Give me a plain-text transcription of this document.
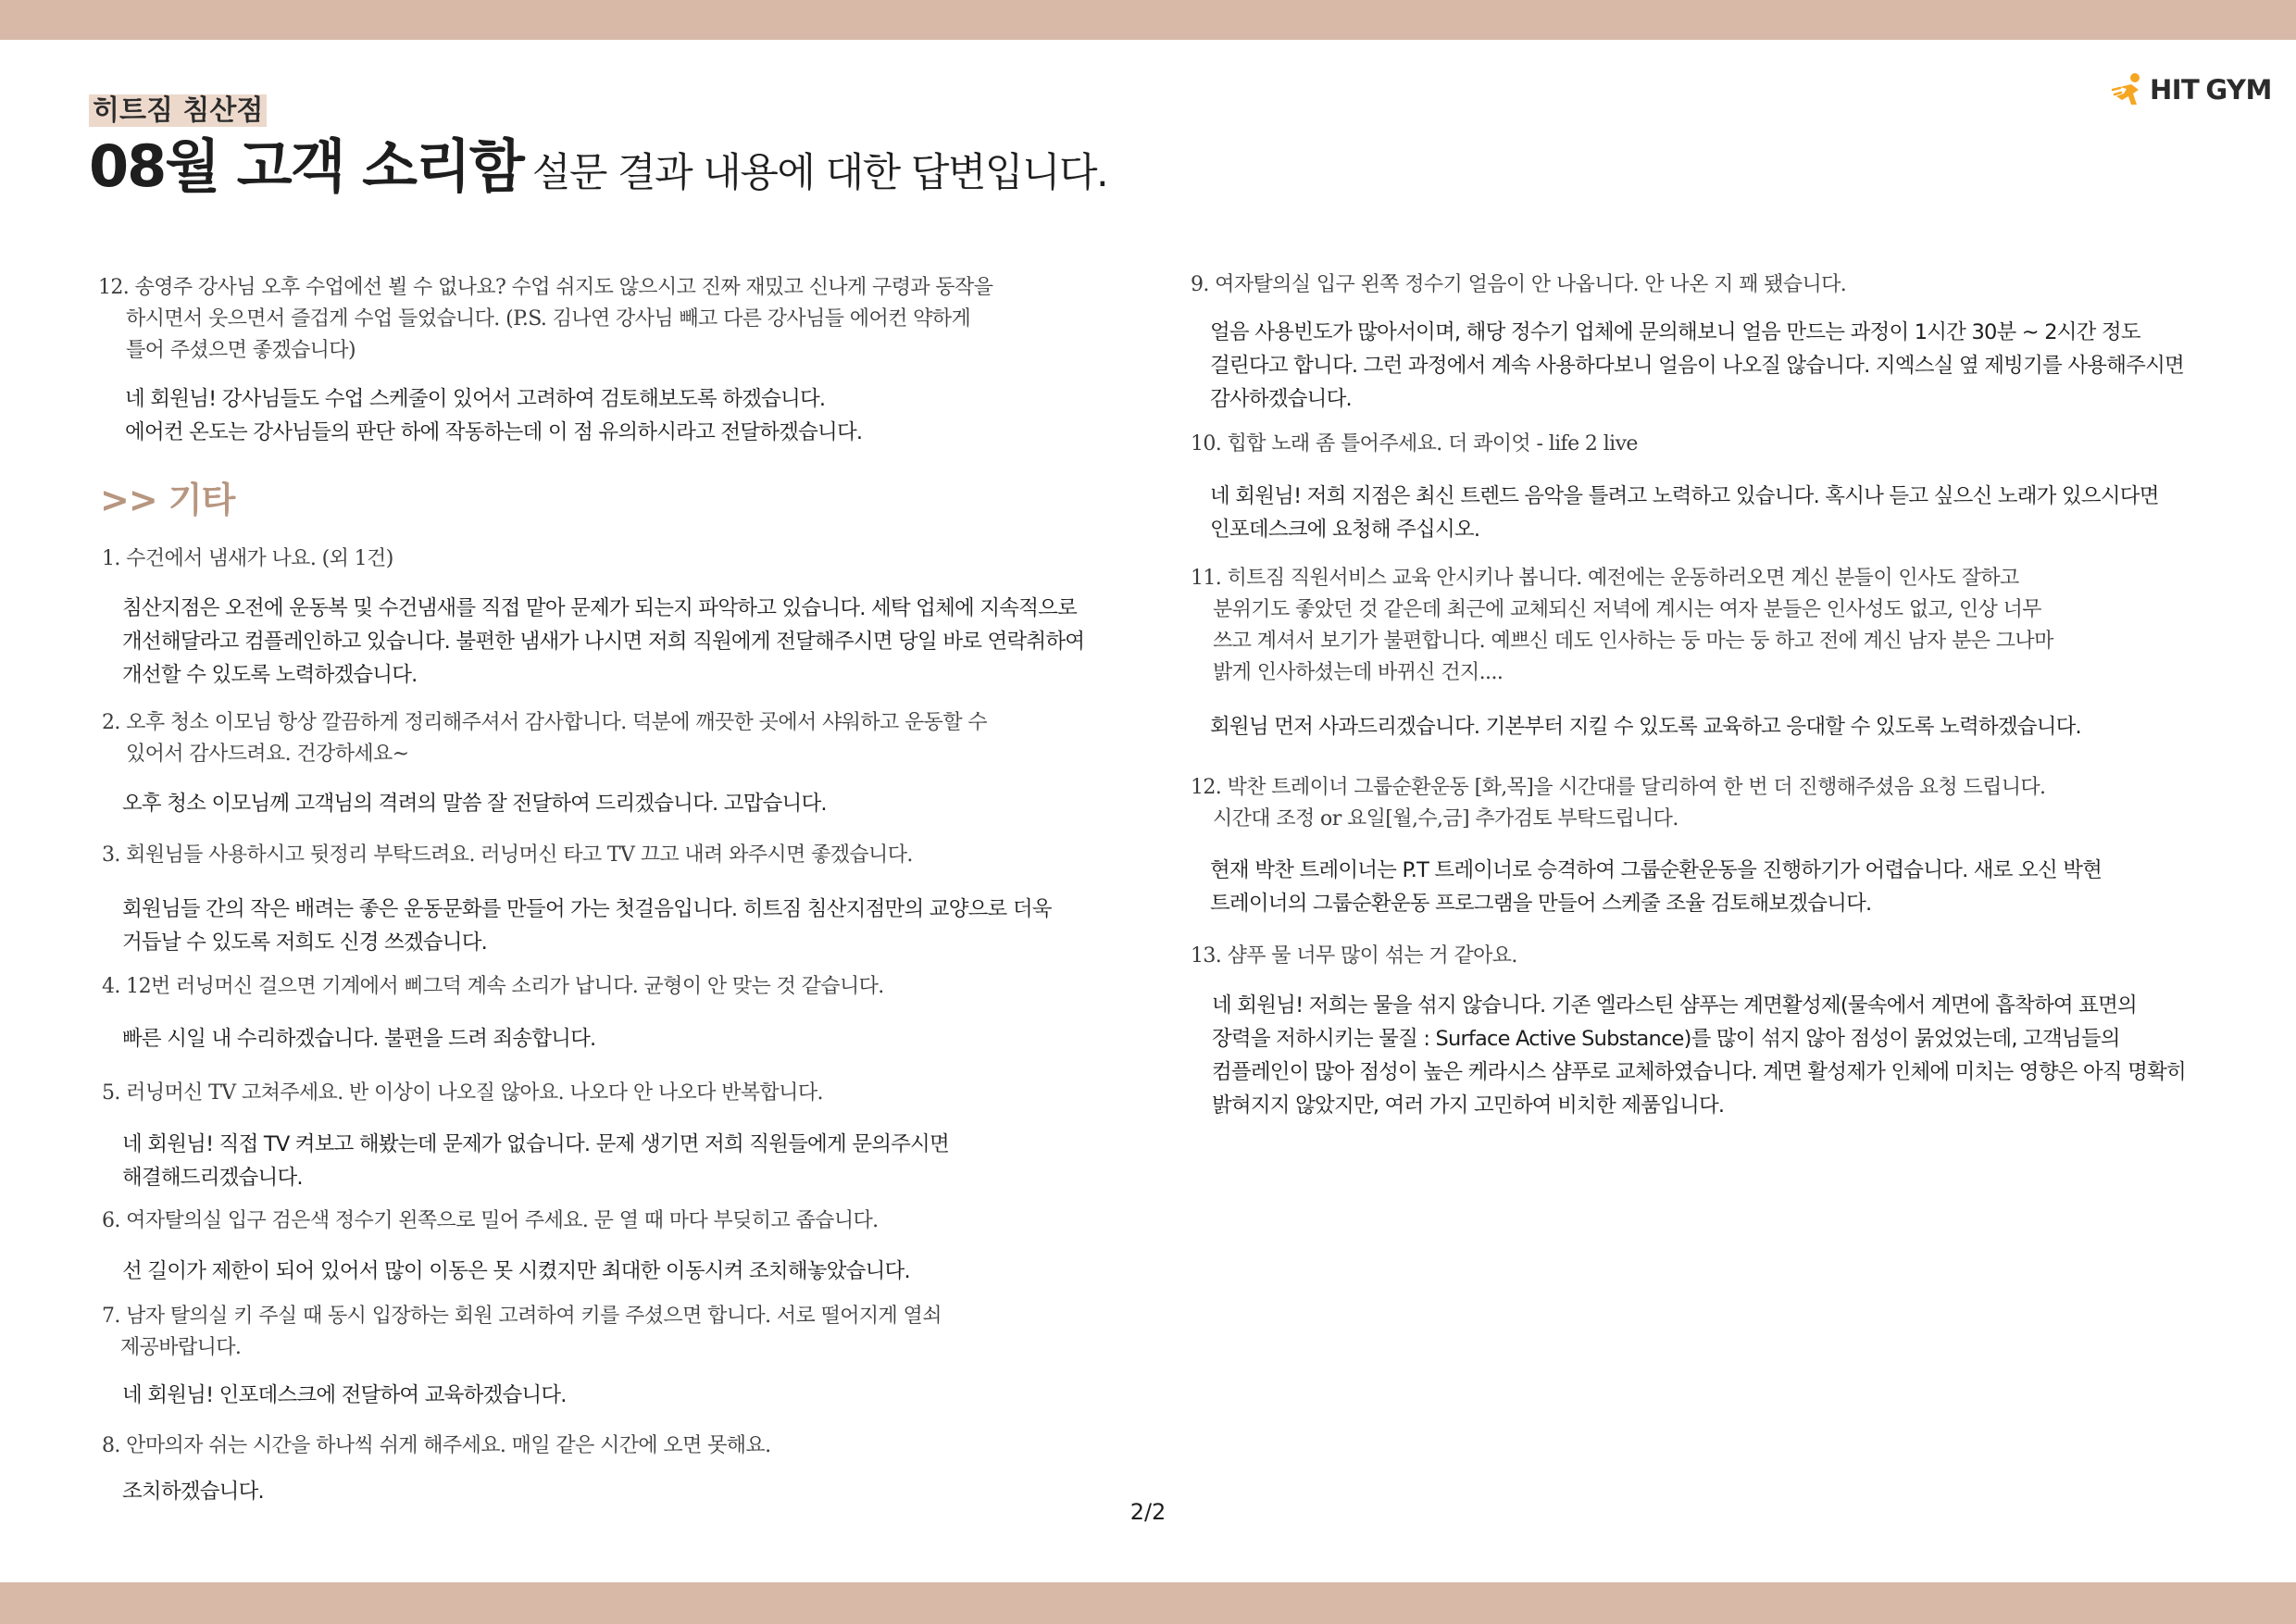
HIT GYM
히트짐 침산점
08월 고객 소리함 설문 결과 내용에 대한 답변입니다.
12. 송영주 강사님 오후 수업에선 뵐 수 없나요? 수업 쉬지도 않으시고 진짜 재밌고 신나게 구령과 동작을
하시면서 웃으면서 즐겁게 수업 들었습니다. (P.S. 김나연 강사님 빼고 다른 강사님들 에어컨 약하게
틀어 주셨으면 좋겠습니다)
네 회원님! 강사님들도 수업 스케줄이 있어서 고려하여 검토해보도록 하겠습니다.
에어컨 온도는 강사님들의 판단 하에 작동하는데 이 점 유의하시라고 전달하겠습니다.
>> 기타
1. 수건에서 냄새가 나요. (외 1건)
침산지점은 오전에 운동복 및 수건냄새를 직접 맡아 문제가 되는지 파악하고 있습니다. 세탁 업체에 지속적으로
개선해달라고 컴플레인하고 있습니다. 불편한 냄새가 나시면 저희 직원에게 전달해주시면 당일 바로 연락취하여
개선할 수 있도록 노력하겠습니다.
2. 오후 청소 이모님 항상 깔끔하게 정리해주셔서 감사합니다. 덕분에 깨끗한 곳에서 샤워하고 운동할 수
있어서 감사드려요. 건강하세요~
오후 청소 이모님께 고객님의 격려의 말씀 잘 전달하여 드리겠습니다. 고맙습니다.
3. 회원님들 사용하시고 뒷정리 부탁드려요. 러닝머신 타고 TV 끄고 내려 와주시면 좋겠습니다.
회원님들 간의 작은 배려는 좋은 운동문화를 만들어 가는 첫걸음입니다. 히트짐 침산지점만의 교양으로 더욱
거듭날 수 있도록 저희도 신경 쓰겠습니다.
4. 12번 러닝머신 걸으면 기계에서 삐그덕 계속 소리가 납니다. 균형이 안 맞는 것 같습니다.
빠른 시일 내 수리하겠습니다. 불편을 드려 죄송합니다.
5. 러닝머신 TV 고쳐주세요. 반 이상이 나오질 않아요. 나오다 안 나오다 반복합니다.
네 회원님! 직접 TV 켜보고 해봤는데 문제가 없습니다. 문제 생기면 저희 직원들에게 문의주시면
해결해드리겠습니다.
6. 여자탈의실 입구 검은색 정수기 왼쪽으로 밀어 주세요. 문 열 때 마다 부딪히고 좁습니다.
선 길이가 제한이 되어 있어서 많이 이동은 못 시켰지만 최대한 이동시켜 조치해놓았습니다.
7. 남자 탈의실 키 주실 때 동시 입장하는 회원 고려하여 키를 주셨으면 합니다. 서로 떨어지게 열쇠
제공바랍니다.
네 회원님! 인포데스크에 전달하여 교육하겠습니다.
8. 안마의자 쉬는 시간을 하나씩 쉬게 해주세요. 매일 같은 시간에 오면 못해요.
조치하겠습니다.
9. 여자탈의실 입구 왼쪽 정수기 얼음이 안 나옵니다. 안 나온 지 꽤 됐습니다.
얼음 사용빈도가 많아서이며, 해당 정수기 업체에 문의해보니 얼음 만드는 과정이 1시간 30분 ~ 2시간 정도
걸린다고 합니다. 그런 과정에서 계속 사용하다보니 얼음이 나오질 않습니다. 지엑스실 옆 제빙기를 사용해주시면
감사하겠습니다.
10. 힙합 노래 좀 틀어주세요. 더 콰이엇 - life 2 live
네 회원님! 저희 지점은 최신 트렌드 음악을 틀려고 노력하고 있습니다. 혹시나 듣고 싶으신 노래가 있으시다면
인포데스크에 요청해 주십시오.
11. 히트짐 직원서비스 교육 안시키나 봅니다. 예전에는 운동하러오면 계신 분들이 인사도 잘하고
분위기도 좋았던 것 같은데 최근에 교체되신 저녁에 계시는 여자 분들은 인사성도 없고, 인상 너무
쓰고 계셔서 보기가 불편합니다. 예쁘신 데도 인사하는 둥 마는 둥 하고 전에 계신 남자 분은 그나마
밝게 인사하셨는데 바뀌신 건지....
회원님 먼저 사과드리겠습니다. 기본부터 지킬 수 있도록 교육하고 응대할 수 있도록 노력하겠습니다.
12. 박찬 트레이너 그룹순환운동 [화,목]을 시간대를 달리하여 한 번 더 진행해주셨음 요청 드립니다.
시간대 조정 or 요일[월,수,금] 추가검토 부탁드립니다.
현재 박찬 트레이너는 P.T 트레이너로 승격하여 그룹순환운동을 진행하기가 어렵습니다. 새로 오신 박현
트레이너의 그룹순환운동 프로그램을 만들어 스케줄 조율 검토해보겠습니다.
13. 샴푸 물 너무 많이 섞는 거 같아요.
네 회원님! 저희는 물을 섞지 않습니다. 기존 엘라스틴 샴푸는 계면활성제(물속에서 계면에 흡착하여 표면의
장력을 저하시키는 물질 : Surface Active Substance)를 많이 섞지 않아 점성이 묽었었는데, 고객님들의
컴플레인이 많아 점성이 높은 케라시스 샴푸로 교체하였습니다. 계면 활성제가 인체에 미치는 영향은 아직 명확히
밝혀지지 않았지만, 여러 가지 고민하여 비치한 제품입니다.
2/2
